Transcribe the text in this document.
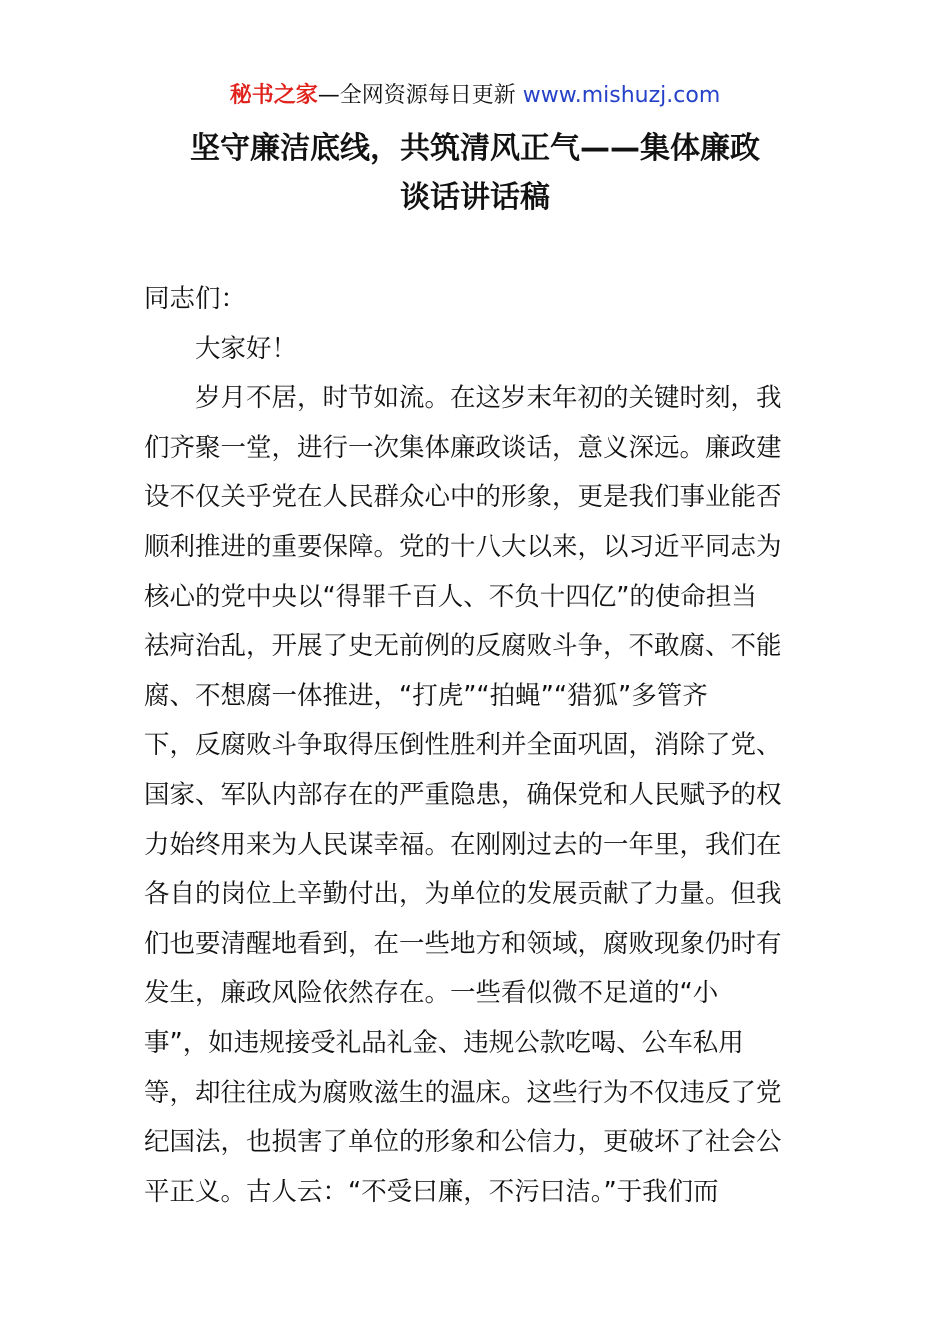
秘书之家—全网资源每日更新 www.mishuzj.com
坚守廉洁底线，共筑清风正气——集体廉政
谈话讲话稿
同志们：
大家好！
岁月不居，时节如流。在这岁末年初的关键时刻，我
们齐聚一堂，进行一次集体廉政谈话，意义深远。廉政建
设不仅关乎党在人民群众心中的形象，更是我们事业能否
顺利推进的重要保障。党的十八大以来，以习近平同志为
核心的党中央以“得罪千百人、不负十四亿”的使命担当
祛疴治乱，开展了史无前例的反腐败斗争，不敢腐、不能
腐、不想腐一体推进，“打虎”“拍蝇”“猎狐”多管齐
下，反腐败斗争取得压倒性胜利并全面巩固，消除了党、
国家、军队内部存在的严重隐患，确保党和人民赋予的权
力始终用来为人民谋幸福。在刚刚过去的一年里，我们在
各自的岗位上辛勤付出，为单位的发展贡献了力量。但我
们也要清醒地看到，在一些地方和领域，腐败现象仍时有
发生，廉政风险依然存在。一些看似微不足道的“小
事”，如违规接受礼品礼金、违规公款吃喝、公车私用
等，却往往成为腐败滋生的温床。这些行为不仅违反了党
纪国法，也损害了单位的形象和公信力，更破坏了社会公
平正义。古人云：“不受曰廉，不污曰洁。”于我们而
